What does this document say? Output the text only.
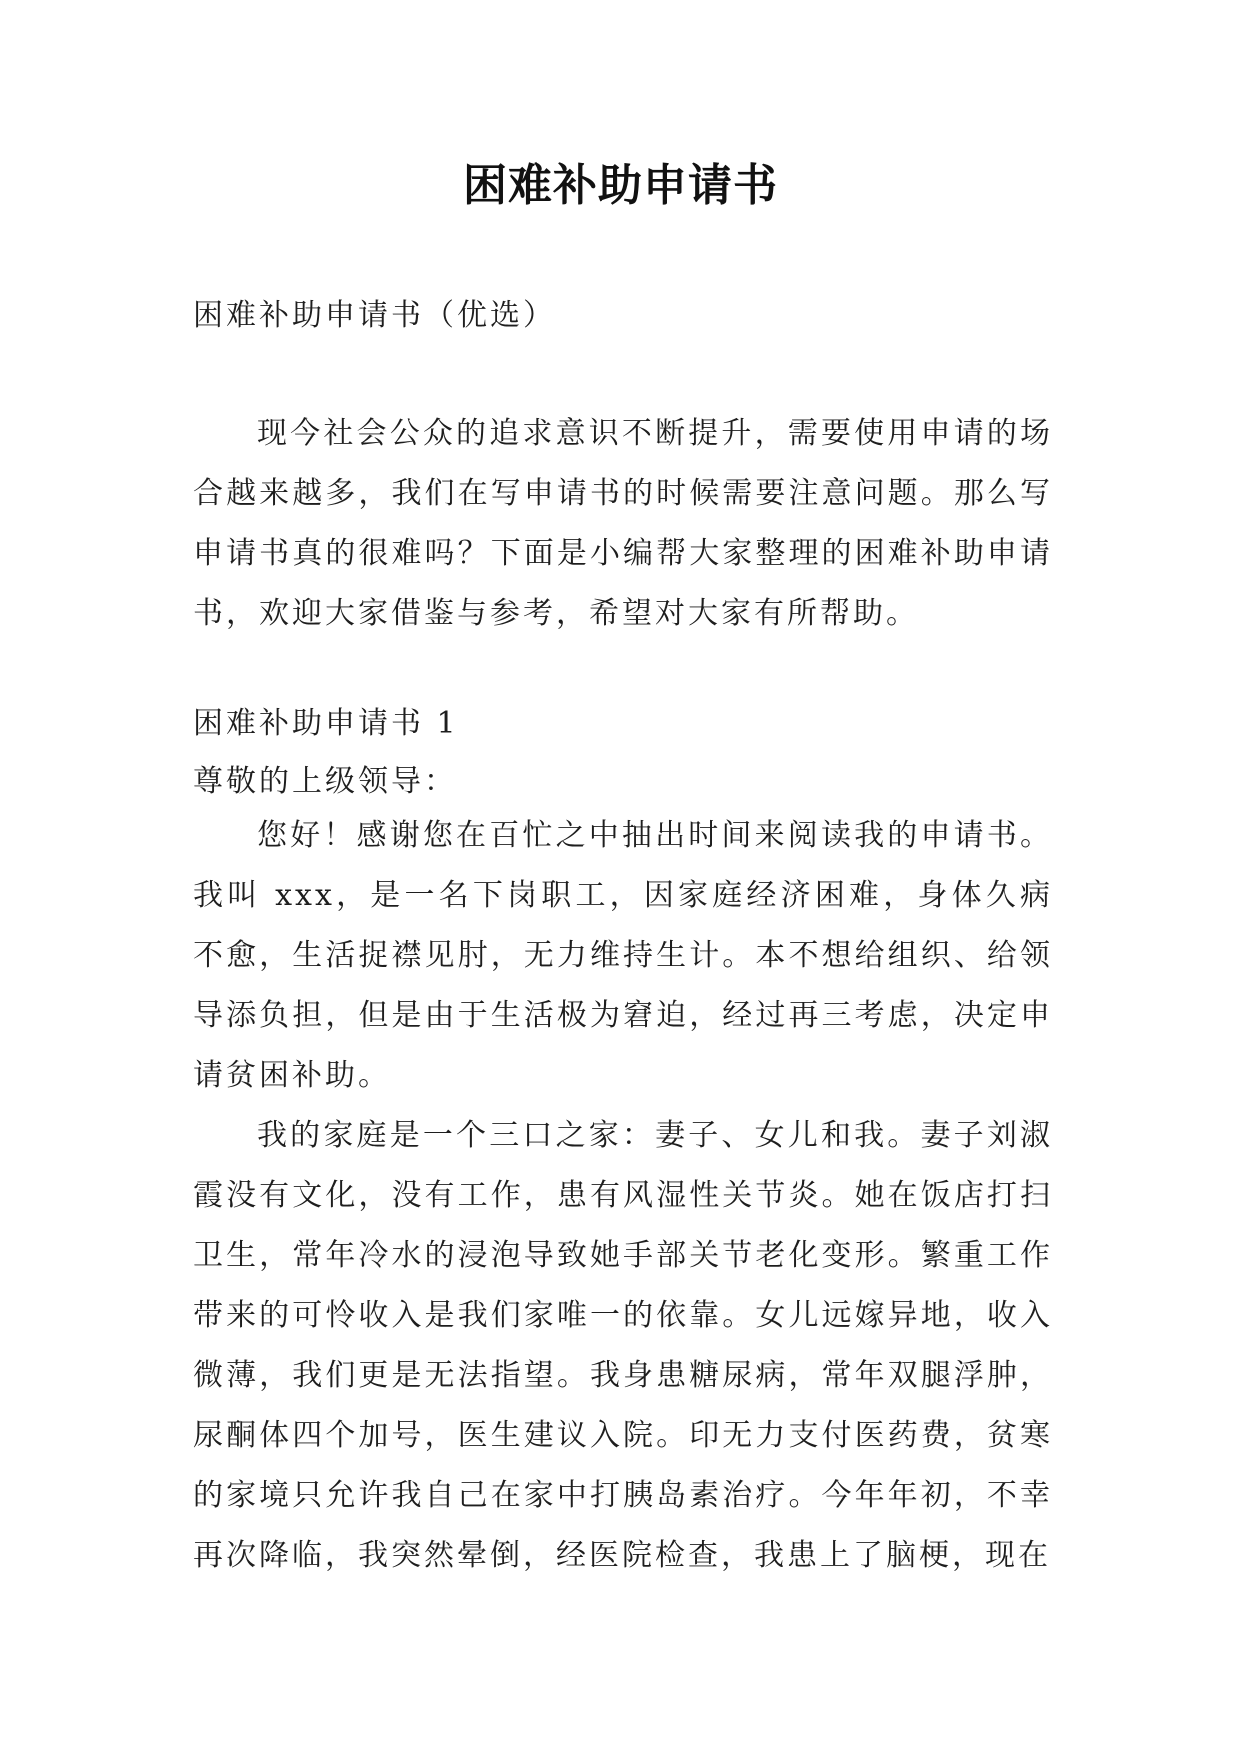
困难补助申请书

困难补助申请书（优选）

现今社会公众的追求意识不断提升，需要使用申请的场合越来越多，我们在写申请书的时候需要注意问题。那么写申请书真的很难吗？下面是小编帮大家整理的困难补助申请书，欢迎大家借鉴与参考，希望对大家有所帮助。

困难补助申请书 1

尊敬的上级领导：

您好！感谢您在百忙之中抽出时间来阅读我的申请书。我叫 xxx，是一名下岗职工，因家庭经济困难，身体久病不愈，生活捉襟见肘，无力维持生计。本不想给组织、给领导添负担，但是由于生活极为窘迫，经过再三考虑，决定申请贫困补助。

我的家庭是一个三口之家：妻子、女儿和我。妻子刘淑霞没有文化，没有工作，患有风湿性关节炎。她在饭店打扫卫生，常年冷水的浸泡导致她手部关节老化变形。繁重工作带来的可怜收入是我们家唯一的依靠。女儿远嫁异地，收入微薄，我们更是无法指望。我身患糖尿病，常年双腿浮肿，尿酮体四个加号，医生建议入院。印无力支付医药费，贫寒的家境只允许我自己在家中打胰岛素治疗。今年年初，不幸再次降临，我突然晕倒，经医院检查，我患上了脑梗，现在
